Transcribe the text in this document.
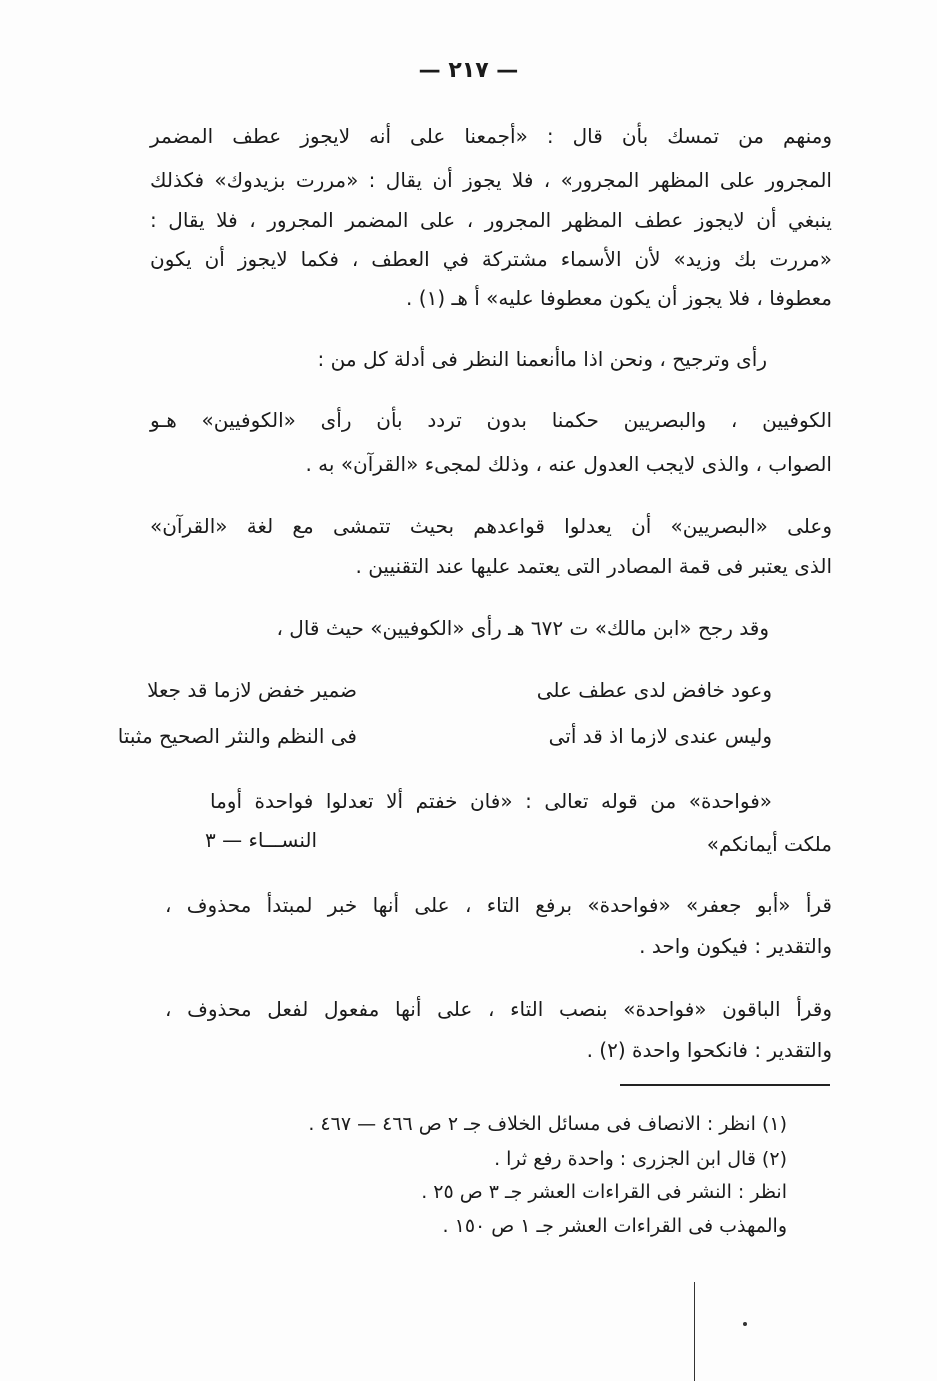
— ٢١٧ —
ومنهم من تمسك بأن قال : «أجمعنا على أنه لايجوز عطف المضمر
المجرور على المظهر المجرور» ، فلا يجوز أن يقال : «مررت بزيدوك» فكذلك
ينبغي أن لايجوز عطف المظهر المجرور ، على المضمر المجرور ، فلا يقال :
«مررت بك وزيد» لأن الأسماء مشتركة في العطف ، فكما لايجوز أن يكون
معطوفا ، فلا يجوز أن يكون معطوفا عليه» أ هـ (١) .
رأى وترجيح ، ونحن اذا ماأنعمنا النظر فى أدلة كل من :
الكوفيين ، والبصريين حكمنا بدون تردد بأن رأى «الكوفيين» هـو
الصواب ، والذى لايجب العدول عنه ، وذلك لمجىء «القرآن» به .
وعلى «البصريين» أن يعدلوا قواعدهم بحيث تتمشى مع لغة «القرآن»
الذى يعتبر فى قمة المصادر التى يعتمد عليها عند التقنيين .
وقد رجح «ابن مالك» ت ٦٧٢ هـ رأى «الكوفيين» حيث قال ،
وعود خافض لدى عطف على
ضمير خفض لازما قد جعلا
وليس عندى لازما اذ قد أتى
فى النظم والنثر الصحيح مثبتا
«فواحدة» من قوله تعالى : «فان خفتم ألا تعدلوا فواحدة أوما
ملكت أيمانكم»
النســـاء — ٣
قرأ «أبو جعفر» «فواحدة» برفع التاء ، على أنها خبر لمبتدأ محذوف ،
والتقدير : فيكون واحد .
وقرأ الباقون «فواحدة» بنصب التاء ، على أنها مفعول لفعل محذوف ،
والتقدير : فانكحوا واحدة (٢) .
(١) انظر : الانصاف فى مسائل الخلاف جـ ٢ ص ٤٦٦ — ٤٦٧ .
(٢) قال ابن الجزرى : واحدة رفع ثرا .
انظر : النشر فى القراءات العشر جـ ٣ ص ٢٥ .
والمهذب فى القراءات العشر جـ ١ ص ١٥٠ .
